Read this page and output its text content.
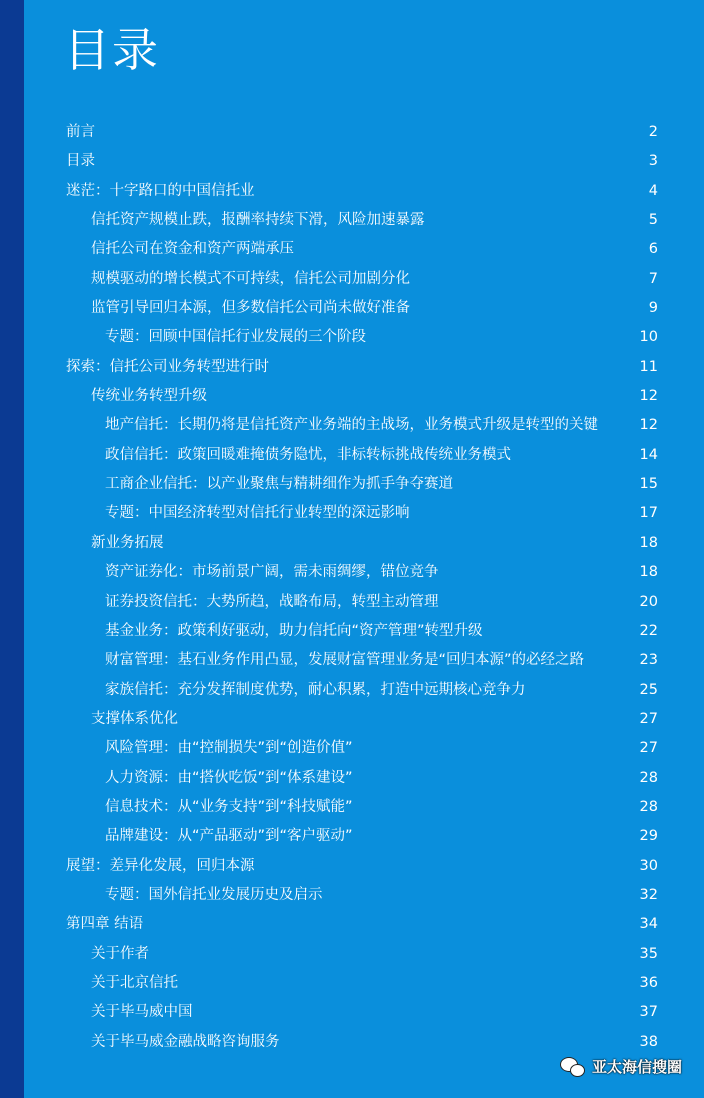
目录
前言	2
目录	3
迷茫：十字路口的中国信托业	4
信托资产规模止跌，报酬率持续下滑，风险加速暴露	5
信托公司在资金和资产两端承压	6
规模驱动的增长模式不可持续，信托公司加剧分化	7
监管引导回归本源，但多数信托公司尚未做好准备	9
专题：回顾中国信托行业发展的三个阶段	10
探索：信托公司业务转型进行时	11
传统业务转型升级	12
地产信托：长期仍将是信托资产业务端的主战场，业务模式升级是转型的关键	12
政信信托：政策回暖难掩债务隐忧，非标转标挑战传统业务模式	14
工商企业信托：以产业聚焦与精耕细作为抓手争夺赛道	15
专题：中国经济转型对信托行业转型的深远影响	17
新业务拓展	18
资产证券化：市场前景广阔，需未雨绸缪，错位竞争	18
证券投资信托：大势所趋，战略布局，转型主动管理	20
基金业务：政策利好驱动，助力信托向“资产管理”转型升级	22
财富管理：基石业务作用凸显，发展财富管理业务是“回归本源”的必经之路	23
家族信托：充分发挥制度优势，耐心积累，打造中远期核心竞争力	25
支撑体系优化	27
风险管理：由“控制损失”到“创造价值”	27
人力资源：由“搭伙吃饭”到“体系建设”	28
信息技术：从“业务支持”到“科技赋能”	28
品牌建设：从“产品驱动”到“客户驱动”	29
展望：差异化发展，回归本源	30
专题：国外信托业发展历史及启示	32
第四章 结语	34
关于作者	35
关于北京信托	36
关于毕马威中国	37
关于毕马威金融战略咨询服务	38
亚太海信搜圈
